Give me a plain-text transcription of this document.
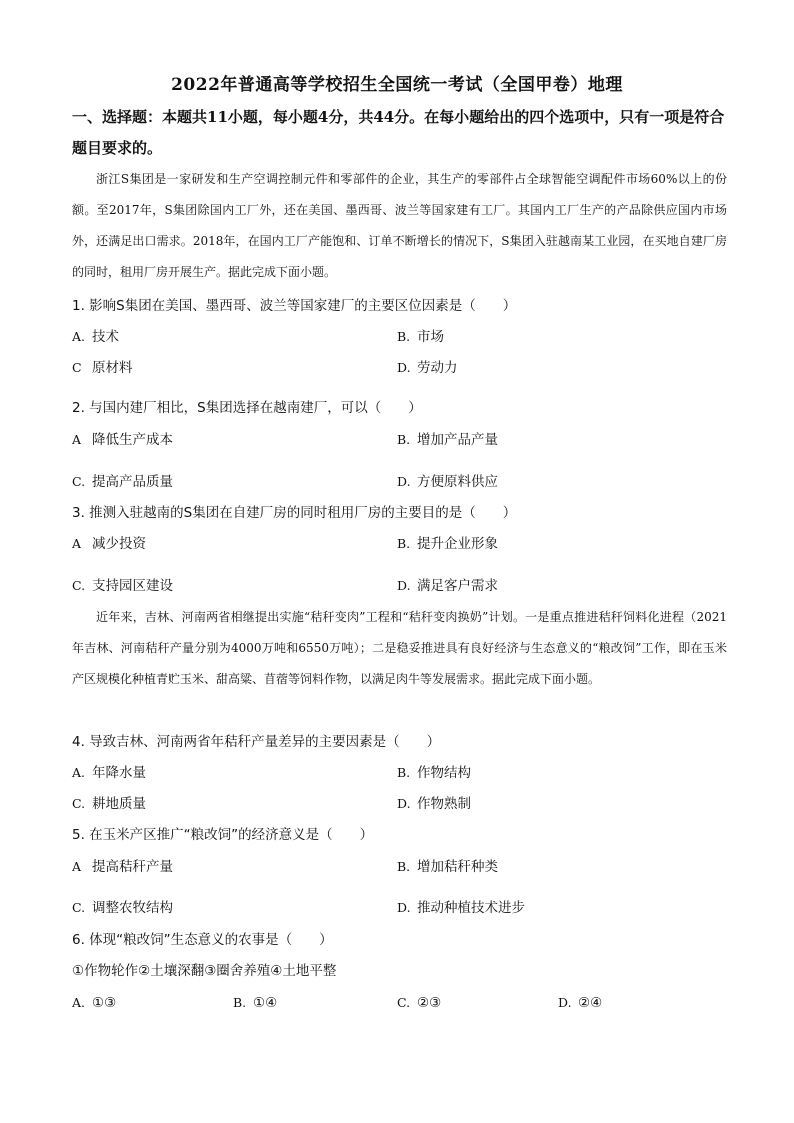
2022年普通高等学校招生全国统一考试（全国甲卷）地理
一、选择题：本题共11小题，每小题4分，共44分。在每小题给出的四个选项中，只有一项是符合题目要求的。
浙江S集团是一家研发和生产空调控制元件和零部件的企业，其生产的零部件占全球智能空调配件市场60%以上的份额。至2017年，S集团除国内工厂外，还在美国、墨西哥、波兰等国家建有工厂。其国内工厂生产的产品除供应国内市场外，还满足出口需求。2018年，在国内工厂产能饱和、订单不断增长的情况下，S集团入驻越南某工业园，在买地自建厂房的同时，租用厂房开展生产。据此完成下面小题。
1. 影响S集团在美国、墨西哥、波兰等国家建厂的主要区位因素是（　　）
A. 技术	B. 市场
C 原材料	D. 劳动力
2. 与国内建厂相比，S集团选择在越南建厂，可以（　　）
A 降低生产成本	B. 增加产品产量
C. 提高产品质量	D. 方便原料供应
3. 推测入驻越南的S集团在自建厂房的同时租用厂房的主要目的是（　　）
A 减少投资	B. 提升企业形象
C. 支持园区建设	D. 满足客户需求
近年来，吉林、河南两省相继提出实施“秸秆变肉”工程和“秸秆变肉换奶”计划。一是重点推进秸秆饲料化进程（2021年吉林、河南秸秆产量分别为4000万吨和6550万吨）；二是稳妥推进具有良好经济与生态意义的“粮改饲”工作，即在玉米产区规模化种植青贮玉米、甜高粱、苜蓿等饲料作物，以满足肉牛等发展需求。据此完成下面小题。
4. 导致吉林、河南两省年秸秆产量差异的主要因素是（　　）
A. 年降水量	B. 作物结构
C. 耕地质量	D. 作物熟制
5. 在玉米产区推广“粮改饲”的经济意义是（　　）
A 提高秸秆产量	B. 增加秸秆种类
C. 调整农牧结构	D. 推动种植技术进步
6. 体现“粮改饲”生态意义的农事是（　　）
①作物轮作②土壤深翻③圈舍养殖④土地平整
A. ①③	B. ①④	C. ②③	D. ②④
